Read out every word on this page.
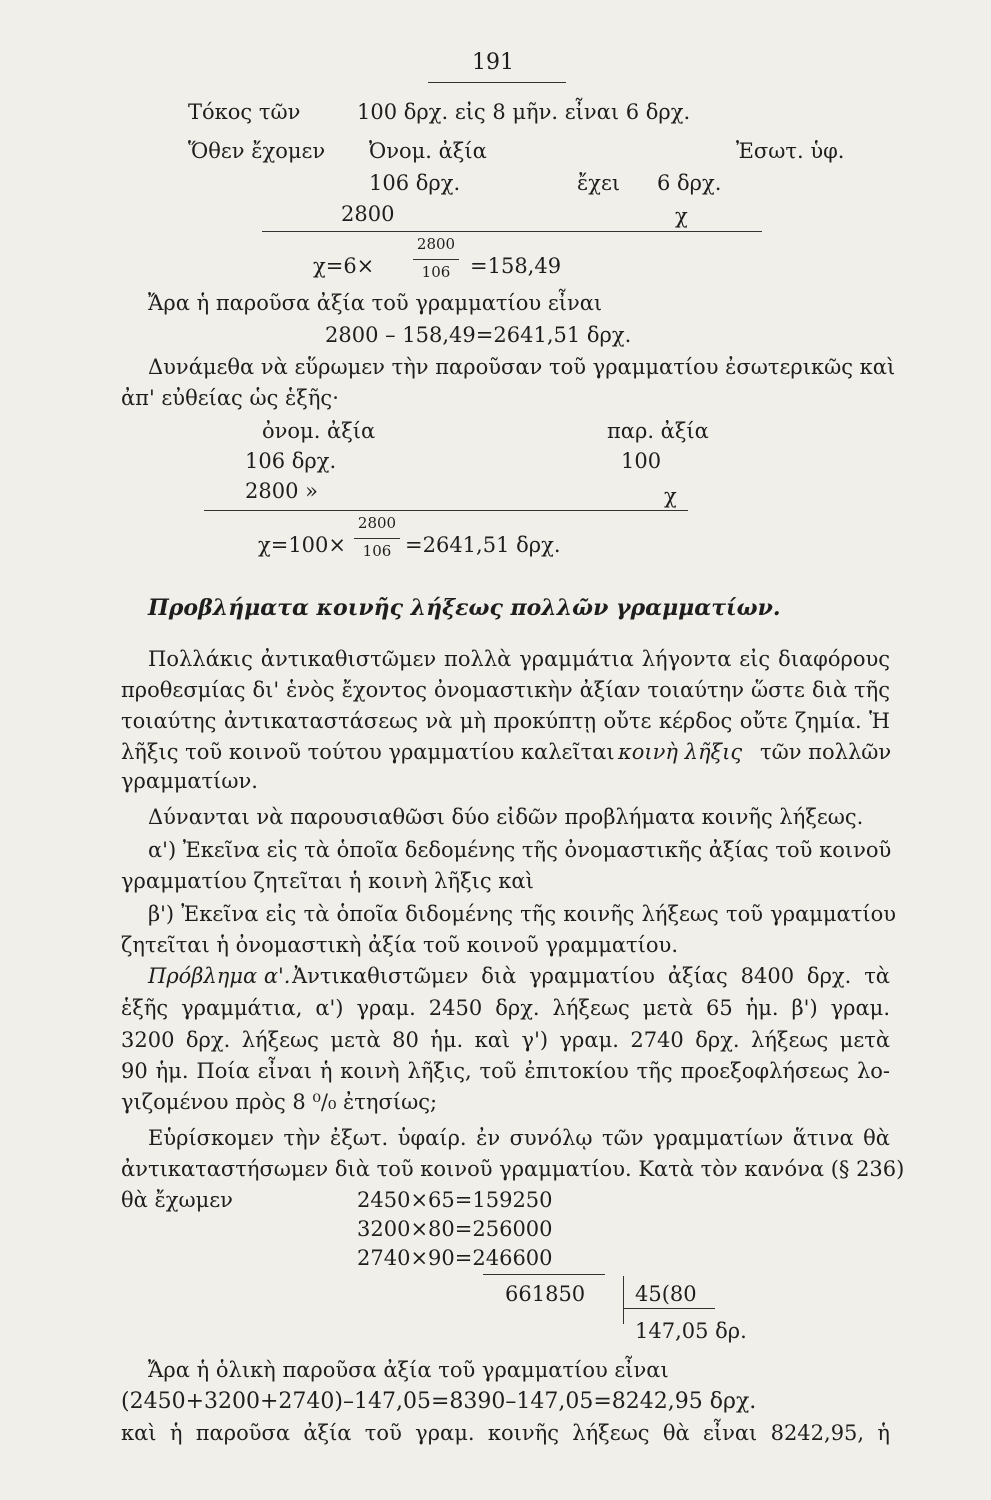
191
Τόκος τῶν	100 δρχ. εἰς 8 μῆν. εἶναι 6 δρχ.
Ὅθεν ἔχομεν Ὀνομ. ἀξία	Ἐσωτ. ὑφ.
106 δρχ.	ἔχει 6 δρχ.
2800	χ
χ=6×
2800
106 =158,49
Ἄρα ἡ παροῦσα ἀξία τοῦ γραμματίου εἶναι
2800 – 158,49=2641,51 δρχ.
Δυνάμεθα νὰ εὕρωμεν τὴν παροῦσαν τοῦ γραμματίου ἐσωτερικῶς καὶ
ἀπ' εὐθείας ὡς ἑξῆς·
ὀνομ. ἀξία	παρ. ἀξία
106 δρχ.	100
2800 »	χ
χ=100×
2800
106 =2641,51 δρχ.
Προβλήματα κοινῆς λήξεως πολλῶν γραμματίων.
Πολλάκις ἀντικαθιστῶμεν πολλὰ γραμμάτια λήγοντα εἰς διαφόρους
προθεσμίας δι' ἑνὸς ἔχοντος ὀνομαστικὴν ἀξίαν τοιαύτην ὥστε διὰ τῆς
τοιαύτης ἀντικαταστάσεως νὰ μὴ προκύπτῃ οὔτε κέρδος οὔτε ζημία. Ἡ
λῆξις τοῦ κοινοῦ τούτου γραμματίου καλεῖται κοινὴ λῆξις τῶν πολλῶν
γραμματίων.
Δύνανται νὰ παρουσιαθῶσι δύο εἰδῶν προβλήματα κοινῆς λήξεως.
α') Ἐκεῖνα εἰς τὰ ὁποῖα δεδομένης τῆς ὀνομαστικῆς ἀξίας τοῦ κοινοῦ
γραμματίου ζητεῖται ἡ κοινὴ λῆξις καὶ
β') Ἐκεῖνα εἰς τὰ ὁποῖα διδομένης τῆς κοινῆς λήξεως τοῦ γραμματίου
ζητεῖται ἡ ὀνομαστικὴ ἀξία τοῦ κοινοῦ γραμματίου.
Πρόβλημα α'. Ἀντικαθιστῶμεν διὰ γραμματίου ἀξίας 8400 δρχ. τὰ
ἑξῆς γραμμάτια, α') γραμ. 2450 δρχ. λήξεως μετὰ 65 ἡμ. β') γραμ.
3200 δρχ. λήξεως μετὰ 80 ἡμ. καὶ γ') γραμ. 2740 δρχ. λήξεως μετὰ
90 ἡμ. Ποία εἶναι ἡ κοινὴ λῆξις, τοῦ ἐπιτοκίου τῆς προεξοφλήσεως λο-
γιζομένου πρὸς 8 ⁰/₀ ἐτησίως;
Εὑρίσκομεν τὴν ἐξωτ. ὑφαίρ. ἐν συνόλῳ τῶν γραμματίων ἅτινα θὰ
ἀντικαταστήσωμεν διὰ τοῦ κοινοῦ γραμματίου. Κατὰ τὸν κανόνα (§ 236)
θὰ ἔχωμεν	2450×65=159250
3200×80=256000
2740×90=246600
661850 45(80
147,05 δρ.
Ἄρα ἡ ὁλικὴ παροῦσα ἀξία τοῦ γραμματίου εἶναι
(2450+3200+2740)–147,05=8390–147,05=8242,95 δρχ.
καὶ ἡ παροῦσα ἀξία τοῦ γραμ. κοινῆς λήξεως θὰ εἶναι 8242,95, ἡ
